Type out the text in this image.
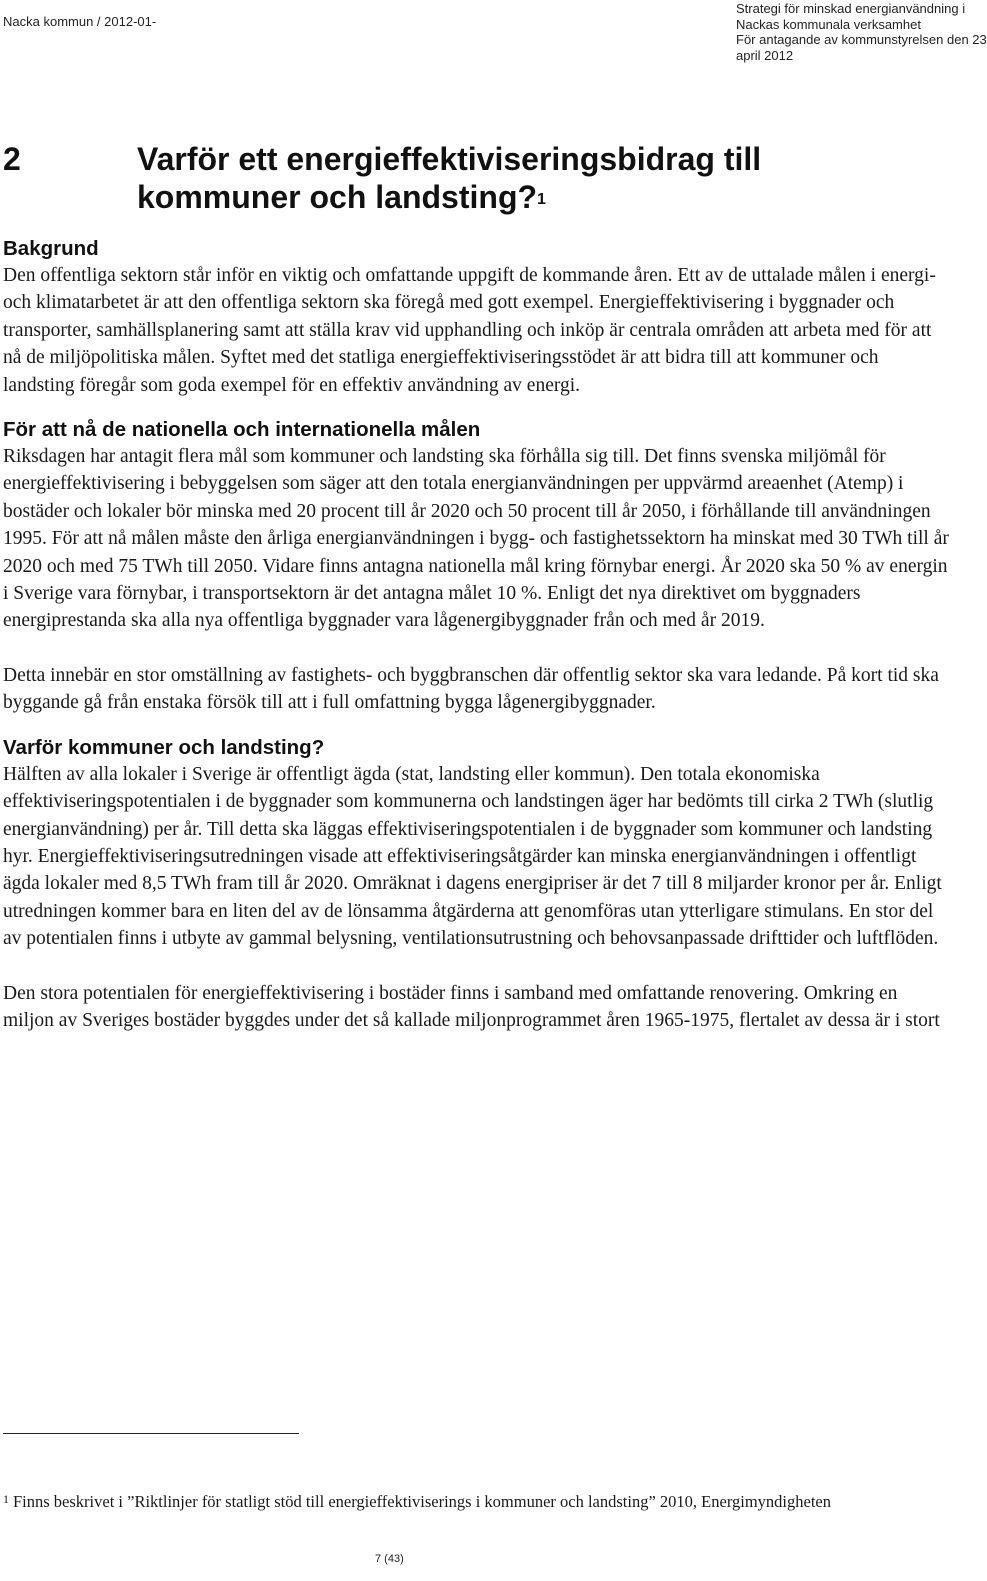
Nacka kommun / 2012-01-
Strategi för minskad energianvändning i
Nackas kommunala verksamhet
För antagande av kommunstyrelsen den 23
april 2012
2	Varför ett energieffektiviseringsbidrag till kommuner och landsting?$^1$
Bakgrund

Den offentliga sektorn står inför en viktig och omfattande uppgift de kommande åren. Ett av de uttalade målen i energi- och klimatarbetet är att den offentliga sektorn ska föregå med gott exempel. Energieffektivisering i byggnader och transporter, samhällsplanering samt att ställa krav vid upphandling och inköp är centrala områden att arbeta med för att nå de miljöpolitiska målen. Syftet med det statliga energieffektiviseringsstödet är att bidra till att kommuner och landsting föregår som goda exempel för en effektiv användning av energi.

För att nå de nationella och internationella målen

Riksdagen har antagit flera mål som kommuner och landsting ska förhålla sig till. Det finns svenska miljömål för energieffektivisering i bebyggelsen som säger att den totala energianvändningen per uppvärmd areaenhet (Atemp) i bostäder och lokaler bör minska med 20 procent till år 2020 och 50 procent till år 2050, i förhållande till användningen 1995. För att nå målen måste den årliga energianvändningen i bygg- och fastighetssektorn ha minskat med 30 TWh till år 2020 och med 75 TWh till 2050. Vidare finns antagna nationella mål kring förnybar energi. År 2020 ska 50 % av energin i Sverige vara förnybar, i transportsektorn är det antagna målet 10 %. Enligt det nya direktivet om byggnaders energiprestanda ska alla nya offentliga byggnader vara lågenergibyggnader från och med år 2019.

Detta innebär en stor omställning av fastighets- och byggbranschen där offentlig sektor ska vara ledande. På kort tid ska byggande gå från enstaka försök till att i full omfattning bygga lågenergibyggnader.

Varför kommuner och landsting?

Hälften av alla lokaler i Sverige är offentligt ägda (stat, landsting eller kommun). Den totala ekonomiska effektiviseringspotentialen i de byggnader som kommunerna och landstingen äger har bedömts till cirka 2 TWh (slutlig energianvändning) per år. Till detta ska läggas effektiviseringspotentialen i de byggnader som kommuner och landsting hyr. Energieffektiviseringsutredningen visade att effektiviseringsåtgärder kan minska energianvändningen i offentligt ägda lokaler med 8,5 TWh fram till år 2020. Omräknat i dagens energipriser är det 7 till 8 miljarder kronor per år. Enligt utredningen kommer bara en liten del av de lönsamma åtgärderna att genomföras utan ytterligare stimulans. En stor del av potentialen finns i utbyte av gammal belysning, ventilationsutrustning och behovsanpassade drifttider och luftflöden.

Den stora potentialen för energieffektivisering i bostäder finns i samband med omfattande renovering. Omkring en miljon av Sveriges bostäder byggdes under det så kallade miljonprogrammet åren 1965-1975, flertalet av dessa är i stort

$^1$ Finns beskrivet i ”Riktlinjer för statligt stöd till energieffektiviserings i kommuner och landsting” 2010, Energimyndigheten
7 (43)
